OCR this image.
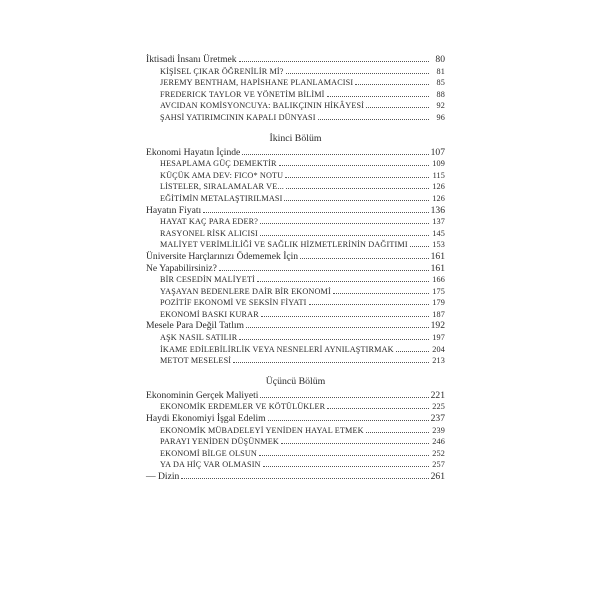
İktisadi İnsanı Üretmek	80
KİŞİSEL ÇIKAR ÖĞRENİLİR Mİ?	81
JEREMY BENTHAM, HAPİSHANE PLANLAMACISI	85
FREDERICK TAYLOR VE YÖNETİM BİLİMİ	88
AVCIDAN KOMİSYONCUYA: BALIKÇININ HİKÂYESİ	92
ŞAHSİ YATIRIMCININ KAPALI DÜNYASI	96
İkinci Bölüm
Ekonomi Hayatın İçinde	107
HESAPLAMA GÜÇ DEMEKTİR	109
KÜÇÜK AMA DEV: FICO* NOTU	115
LİSTELER, SIRALAMALAR VE...	126
EĞİTİMİN METALAŞTIRILMASI	126
Hayatın Fiyatı	136
HAYAT KAÇ PARA EDER?	137
RASYONEL RİSK ALICISI	145
MALİYET VERİMLİLİĞİ VE SAĞLIK HİZMETLERİNİN DAĞITIMI	153
Üniversite Harçlarınızı Ödememek İçin	161
Ne Yapabilirsiniz?	161
BİR CESEDİN MALİYETİ	166
YAŞAYAN BEDENLERE DAİR BİR EKONOMİ	175
POZİTİF EKONOMİ VE SEKSİN FİYATI	179
EKONOMİ BASKI KURAR	187
Mesele Para Değil Tatlım	192
AŞK NASIL SATILIR	197
İKAME EDİLEBİLİRLİK VEYA NESNELERİ AYNILAŞTIRMAK	204
METOT MESELESİ	213
Üçüncü Bölüm
Ekonominin Gerçek Maliyeti	221
EKONOMİK ERDEMLER VE KÖTÜLÜKLER	225
Haydi Ekonomiyi İşgal Edelim	237
EKONOMİK MÜBADELEYİ YENİDEN HAYAL ETMEK	239
PARAYI YENİDEN DÜŞÜNMEK	246
EKONOMİ BİLGE OLSUN	252
YA DA HİÇ VAR OLMASIN	257
— Dizin	261
